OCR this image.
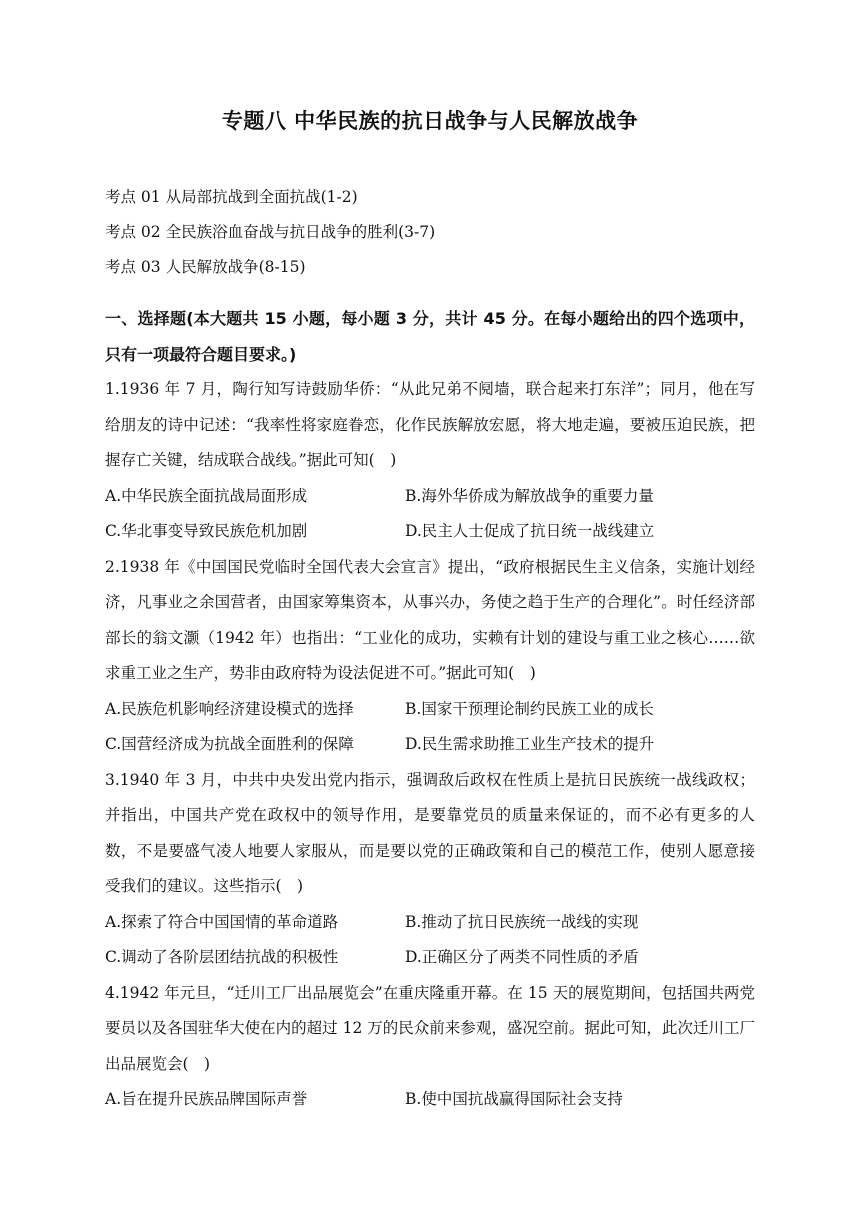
专题八 中华民族的抗日战争与人民解放战争
考点 01 从局部抗战到全面抗战(1-2)
考点 02 全民族浴血奋战与抗日战争的胜利(3-7)
考点 03 人民解放战争(8-15)
一、选择题(本大题共 15 小题，每小题 3 分，共计 45 分。在每小题给出的四个选项中，只有一项最符合题目要求。)
1.1936 年 7 月，陶行知写诗鼓励华侨：“从此兄弟不阋墙，联合起来打东洋”；同月，他在写给朋友的诗中记述：“我率性将家庭眷恋，化作民族解放宏愿，将大地走遍，要被压迫民族，把握存亡关键，结成联合战线。”据此可知(　)
A.中华民族全面抗战局面形成	B.海外华侨成为解放战争的重要力量
C.华北事变导致民族危机加剧	D.民主人士促成了抗日统一战线建立
2.1938 年《中国国民党临时全国代表大会宣言》提出，“政府根据民生主义信条，实施计划经济，凡事业之余国营者，由国家筹集资本，从事兴办，务使之趋于生产的合理化”。时任经济部部长的翁文灏（1942 年）也指出：“工业化的成功，实赖有计划的建设与重工业之核心……欲求重工业之生产，势非由政府特为设法促进不可。”据此可知(　)
A.民族危机影响经济建设模式的选择	B.国家干预理论制约民族工业的成长
C.国营经济成为抗战全面胜利的保障	D.民生需求助推工业生产技术的提升
3.1940 年 3 月，中共中央发出党内指示，强调敌后政权在性质上是抗日民族统一战线政权；并指出，中国共产党在政权中的领导作用，是要靠党员的质量来保证的，而不必有更多的人数，不是要盛气凌人地要人家服从，而是要以党的正确政策和自己的模范工作，使别人愿意接受我们的建议。这些指示(　)
A.探索了符合中国国情的革命道路	B.推动了抗日民族统一战线的实现
C.调动了各阶层团结抗战的积极性	D.正确区分了两类不同性质的矛盾
4.1942 年元旦，“迁川工厂出品展览会”在重庆隆重开幕。在 15 天的展览期间，包括国共两党要员以及各国驻华大使在内的超过 12 万的民众前来参观，盛况空前。据此可知，此次迁川工厂出品展览会(　)
A.旨在提升民族品牌国际声誉	B.使中国抗战赢得国际社会支持
